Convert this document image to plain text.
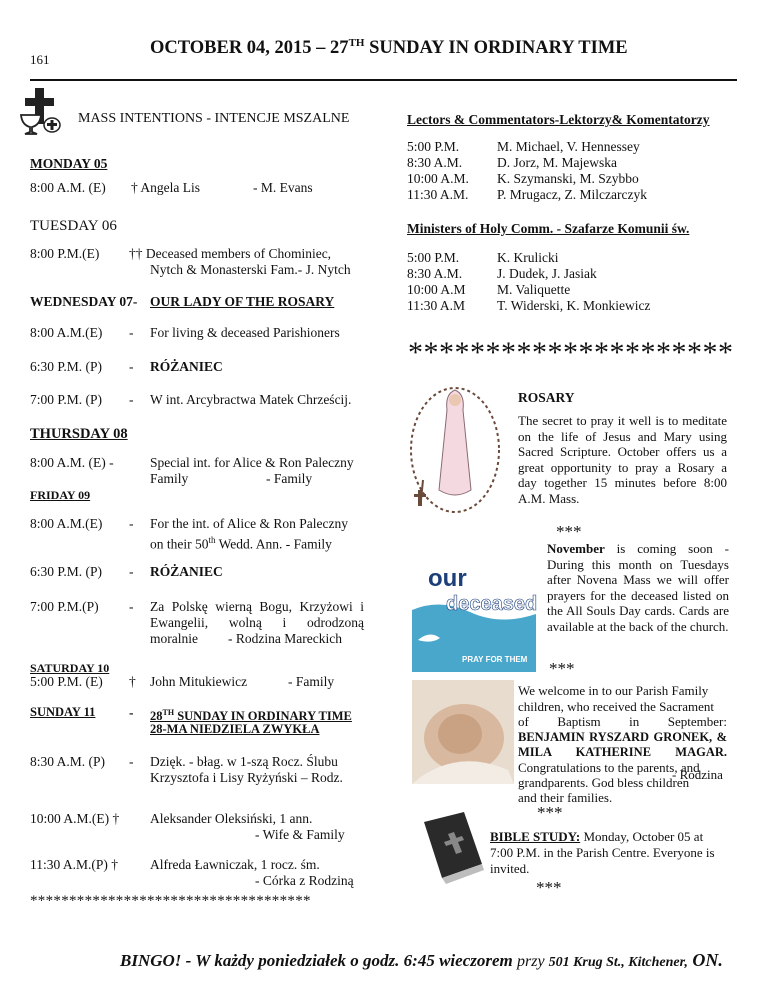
161
OCTOBER 04, 2015 – 27TH SUNDAY IN ORDINARY TIME
MASS INTENTIONS - INTENCJE MSZALNE
MONDAY 05
8:00 A.M. (E) † Angela Lis	- M. Evans
TUESDAY 06
8:00 P.M.(E) †† Deceased members of Chominiec,
Nytch & Monasterski Fam.- J. Nytch
WEDNESDAY 07- OUR LADY OF THE ROSARY
8:00 A.M.(E) - For living & deceased Parishioners
6:30 P.M. (P) - RÓŻANIEC
7:00 P.M. (P) - W int. Arcybractwa Matek Chrześcij.
THURSDAY 08
8:00 A.M. (E) -	Special int. for Alice & Ron Paleczny
Family	- Family
FRIDAY 09
8:00 A.M.(E) - For the int. of Alice & Ron Paleczny
on their 50th Wedd. Ann. - Family
6:30 P.M. (P) - RÓŻANIEC
7:00 P.M.(P) - Za Polskę wierną Bogu, Krzyżowi i
Ewangelii, wolną i odrodzoną
moralnie - Rodzina Mareckich
SATURDAY 10
5:00 P.M. (E) † John Mitukiewicz	- Family
SUNDAY 11 - 28TH SUNDAY IN ORDINARY TIME
28-MA NIEDZIELA ZWYKŁA
8:30 A.M. (P) - Dzięk. - błag. w 1-szą Rocz. Ślubu
Krzysztofa i Lisy Ryżyński – Rodz.
10:00 A.M.(E) † Aleksander Oleksiński, 1 ann.
- Wife & Family
11:30 A.M.(P) † Alfreda Ławniczak, 1 rocz. śm.
- Córka z Rodziną
************************************
Lectors & Commentators-Lektorzy& Komentatorzy
5:00 P.M.	M. Michael, V. Hennessey
8:30 A.M.	D. Jorz, M. Majewska
10:00 A.M. K. Szymanski, M. Szybbo
11:30 A.M. P. Mrugacz, Z. Milczarczyk
Ministers of Holy Comm. - Szafarze Komunii św.
5:00 P.M.	K. Krulicki
8:30 A.M.	J. Dudek, J. Jasiak
10:00 A.M M. Valiquette
11:30 A.M T. Widerski, K. Monkiewicz
*********************
ROSARY
The secret to pray it well is to meditate on the life of Jesus and Mary using Sacred Scripture. October offers us a great opportunity to pray a Rosary a day together 15 minutes before 8:00 A.M. Mass.
***
our
deceased
PRAY FOR THEM
November is coming soon - During this month on Tuesdays after Novena Mass we will offer prayers for the deceased listed on the All Souls Day cards. Cards are available at the back of the church.
***
We welcome in to our Parish Family
children, who received the Sacrament
of Baptism in September:
BENJAMIN RYSZARD GRONEK, &
MILA KATHERINE MAGAR.
Congratulations to the parents, and
- Rodzina
grandparents. God bless children
and their families.
***
BIBLE STUDY: Monday, October 05 at
7:00 P.M. in the Parish Centre. Everyone is
invited.
***
BINGO! - W każdy poniedziałek o godz. 6:45 wieczorem przy 501 Krug St., Kitchener, ON.
